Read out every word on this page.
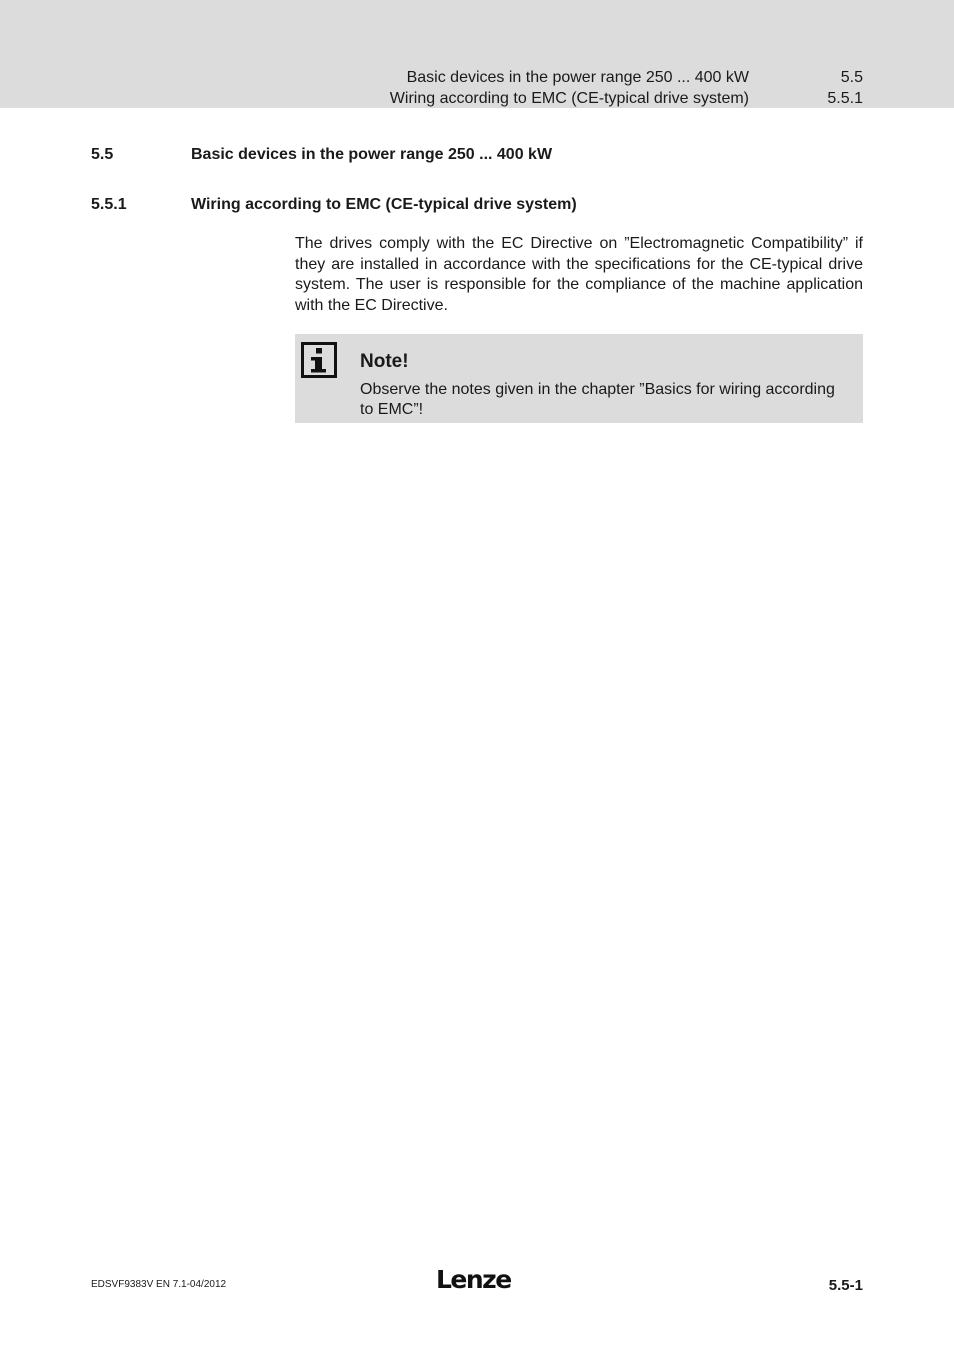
Basic devices in the power range 250 ... 400 kW	5.5
Wiring according to EMC (CE-typical drive system)	5.5.1
5.5	Basic devices in the power range 250 ... 400 kW
5.5.1	Wiring according to EMC (CE-typical drive system)

The drives comply with the EC Directive on ”Electromagnetic Compatibility” if they are installed in accordance with the specifications for the CE-typical drive system. The user is responsible for the compliance of the machine application with the EC Directive.

Note!
Observe the notes given in the chapter ”Basics for wiring according to EMC”!
EDSVF9383V EN 7.1-04/2012	Lenze	5.5-1
